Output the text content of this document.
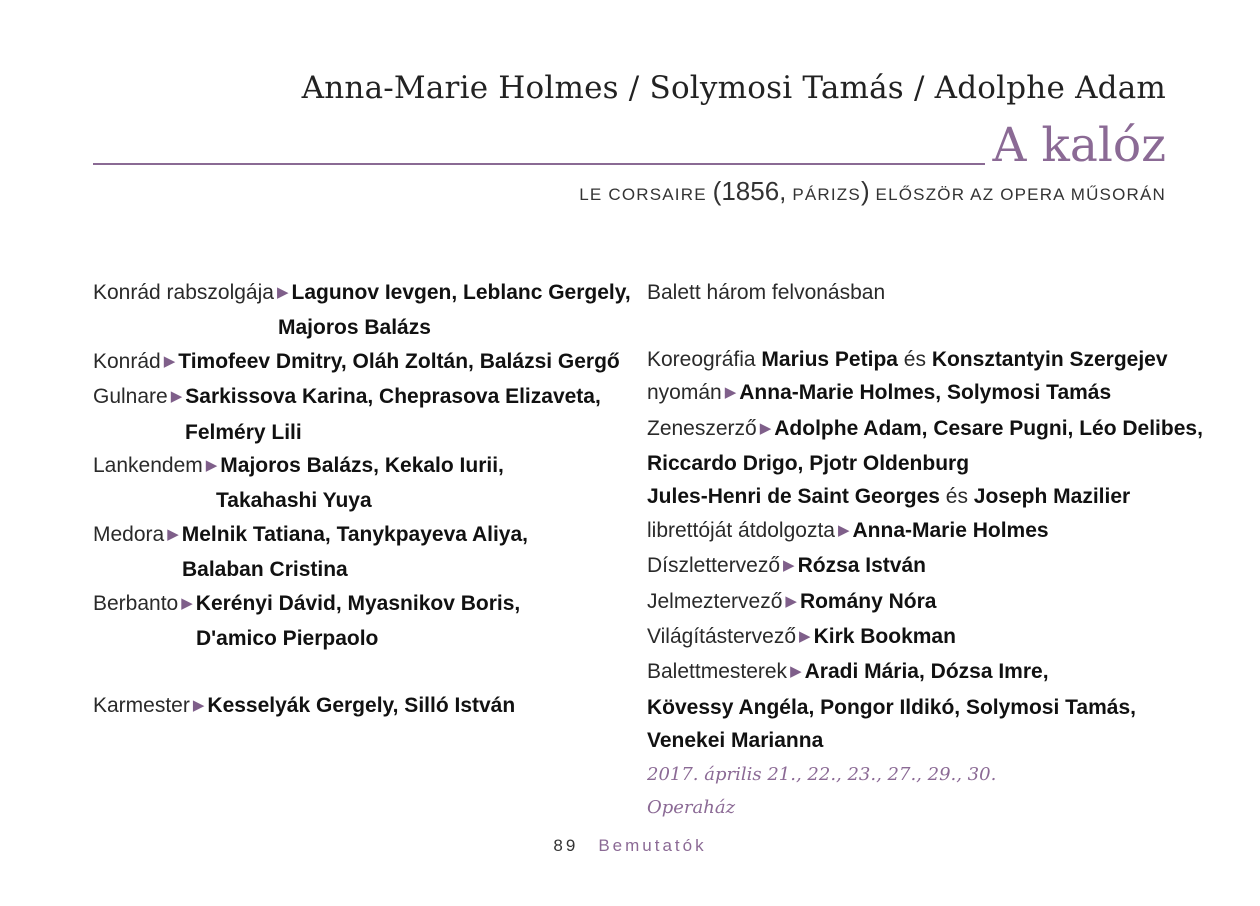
Anna-Marie Holmes / Solymosi Tamás / Adolphe Adam
A kalóz
LE CORSAIRE (1856, PÁRIZS) ELŐSZÖR AZ OPERA MŰSORÁN
Konrád rabszolgája ▶ Lagunov Ievgen, Leblanc Gergely,
Majoros Balázs
Konrád ▶ Timofeev Dmitry, Oláh Zoltán, Balázsi Gergő
Gulnare ▶ Sarkissova Karina, Cheprasova Elizaveta,
Felméry Lili
Lankendem ▶ Majoros Balázs, Kekalo Iurii,
Takahashi Yuya
Medora ▶ Melnik Tatiana, Tanykpayeva Aliya,
Balaban Cristina
Berbanto ▶ Kerényi Dávid, Myasnikov Boris,
D'amico Pierpaolo
Karmester ▶ Kesselyák Gergely, Silló István
Balett három felvonásban
Koreográfia Marius Petipa és Konsztantyin Szergejev
nyomán ▶ Anna-Marie Holmes, Solymosi Tamás
Zeneszerző ▶ Adolphe Adam, Cesare Pugni, Léo Delibes,
Riccardo Drigo, Pjotr Oldenburg
Jules-Henri de Saint Georges és Joseph Mazilier
librettóját átdolgozta ▶ Anna-Marie Holmes
Díszlettervező ▶ Rózsa István
Jelmeztervező ▶ Romány Nóra
Világítástervező ▶ Kirk Bookman
Balettmesterek ▶ Aradi Mária, Dózsa Imre,
Kövessy Angéla, Pongor Ildikó, Solymosi Tamás,
Venekei Marianna
2017. április 21., 22., 23., 27., 29., 30.
Operaház
89 Bemutatók
